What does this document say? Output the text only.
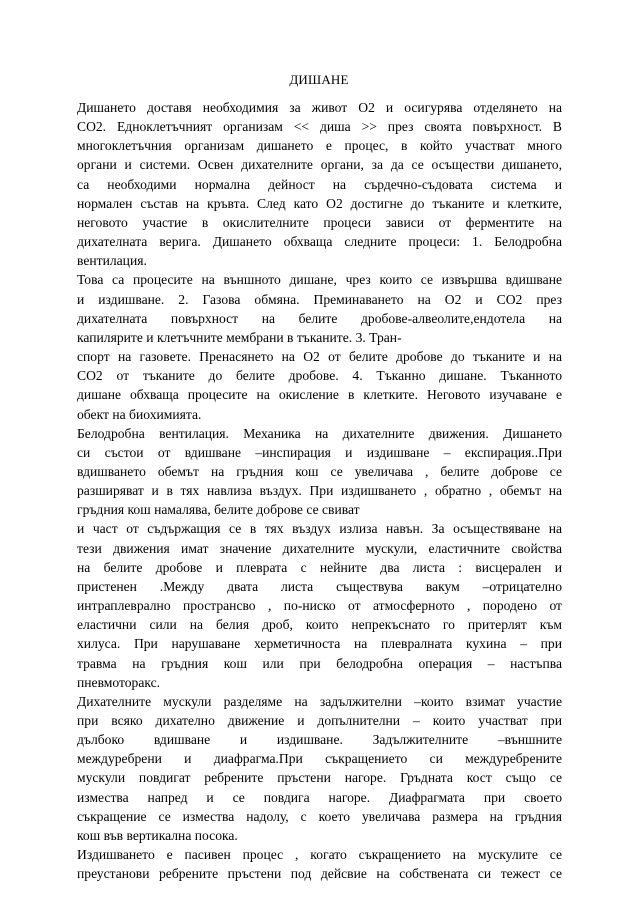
ДИШАНЕ
Дишането доставя необходимия за живот О2 и осигурява отделянето на
СО2. Едноклетъчният организам << диша >> през своята повърхност. В
многоклетъчния организам дишането е процес, в който участват много
органи и системи. Освен дихателните органи, за да се осъществи дишането,
са необходими нормална дейност на сърдечно-съдовата система и
нормален състав на кръвта. След като О2 достигне до тъканите и клетките,
неговото участие в окислителните процеси зависи от ферментите на
дихателната верига. Дишането обхваща следните процеси: 1. Белодробна
вентилация.
Това са процесите на външното дишане, чрез които се извършва вдишване
и издишване. 2. Газова обмяна. Преминаването на О2 и СО2 през
дихателната повърхност на белите дробове-алвеолите,ендотела на
капилярите и клетъчните мембрани в тъканите. 3. Тран-
спорт на газовете. Пренасянето на О2 от белите дробове до тъканите и на
СО2 от тъканите до белите дробове. 4. Тъканно дишане. Тъканното
дишане обхваща процесите на окисление в клетките. Неговото изучаване е
обект на биохимията.
Белодробна вентилация. Механика на дихателните движения. Дишането
си състои от вдишване –инспирация и издишване – експирация..При
вдишването обемът на гръдния кош се увеличава , белите доброве се
разширяват и в тях навлиза въздух. При издишването , обратно , обемът на
гръдния кош намалява, белите доброве се свиват
и част от съдържащия се в тях въздух излиза навън. За осъществяване на
тези движения имат значение дихателните мускули, еластичните свойства
на белите дробове и плеврата с нейните два листа : висцерален и
пристенен .Между двата листа съществува вакум –отрицателно
интраплеврално пространсво , по-ниско от атмосферното , породено от
еластични сили на белия дроб, които непрекъснато го притерлят към
хилуса. При нарушаване херметичноста на плевралната кухина – при
травма на гръдния кош или при белодробна операция – настъпва
пневмоторакс.
Дихателните мускули разделяме на задължителни –които взимат участие
при всяко дихателно движение и допълнителни – които участват при
дълбоко вдишване и издишване. Задължителните –външните
междуребрени и диафрагма.При съкращението си междуребрените
мускули повдигат ребрените пръстени нагоре. Гръдната кост също се
измества напред и се повдига нагоре. Диафрагмата при своето
съкращение се измества надолу, с което увеличава размера на гръдния
кош във вертикална посока.
Издишването е пасивен процес , когато съкращението на мускулите се
преустанови ребрените пръстени под дейсвие на собствената си тежест се
